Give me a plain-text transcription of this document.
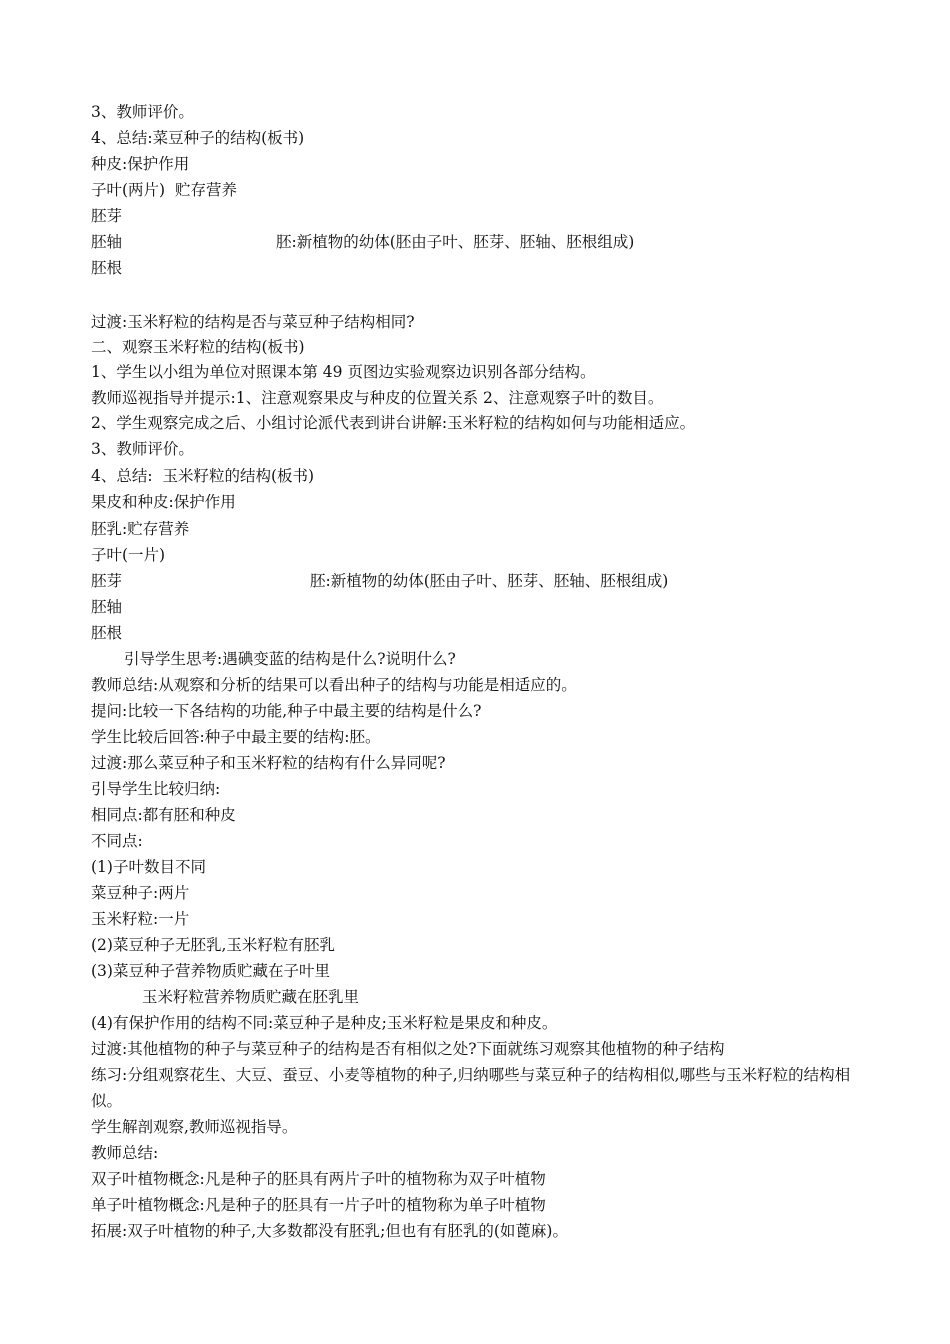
3、教师评价。
4、总结:菜豆种子的结构(板书)
种皮:保护作用
子叶(两片)  贮存营养
胚芽
胚轴	胚:新植物的幼体(胚由子叶、胚芽、胚轴、胚根组成)
胚根
过渡:玉米籽粒的结构是否与菜豆种子结构相同?
二、观察玉米籽粒的结构(板书)
1、学生以小组为单位对照课本第 49 页图边实验观察边识别各部分结构。
教师巡视指导并提示:1、注意观察果皮与种皮的位置关系 2、注意观察子叶的数目。
2、学生观察完成之后、小组讨论派代表到讲台讲解:玉米籽粒的结构如何与功能相适应。
3、教师评价。
4、总结:  玉米籽粒的结构(板书)
果皮和种皮:保护作用
胚乳:贮存营养
子叶(一片)
胚芽	胚:新植物的幼体(胚由子叶、胚芽、胚轴、胚根组成)
胚轴
胚根
引导学生思考:遇碘变蓝的结构是什么?说明什么?
教师总结:从观察和分析的结果可以看出种子的结构与功能是相适应的。
提问:比较一下各结构的功能,种子中最主要的结构是什么?
学生比较后回答:种子中最主要的结构:胚。
过渡:那么菜豆种子和玉米籽粒的结构有什么异同呢?
引导学生比较归纳:
相同点:都有胚和种皮
不同点:
(1)子叶数目不同
菜豆种子:两片
玉米籽粒:一片
(2)菜豆种子无胚乳,玉米籽粒有胚乳
(3)菜豆种子营养物质贮藏在子叶里
玉米籽粒营养物质贮藏在胚乳里
(4)有保护作用的结构不同:菜豆种子是种皮;玉米籽粒是果皮和种皮。
过渡:其他植物的种子与菜豆种子的结构是否有相似之处?下面就练习观察其他植物的种子结构
练习:分组观察花生、大豆、蚕豆、小麦等植物的种子,归纳哪些与菜豆种子的结构相似,哪些与玉米籽粒的结构相似。
学生解剖观察,教师巡视指导。
教师总结:
双子叶植物概念:凡是种子的胚具有两片子叶的植物称为双子叶植物
单子叶植物概念:凡是种子的胚具有一片子叶的植物称为单子叶植物
拓展:双子叶植物的种子,大多数都没有胚乳;但也有有胚乳的(如蓖麻)。
